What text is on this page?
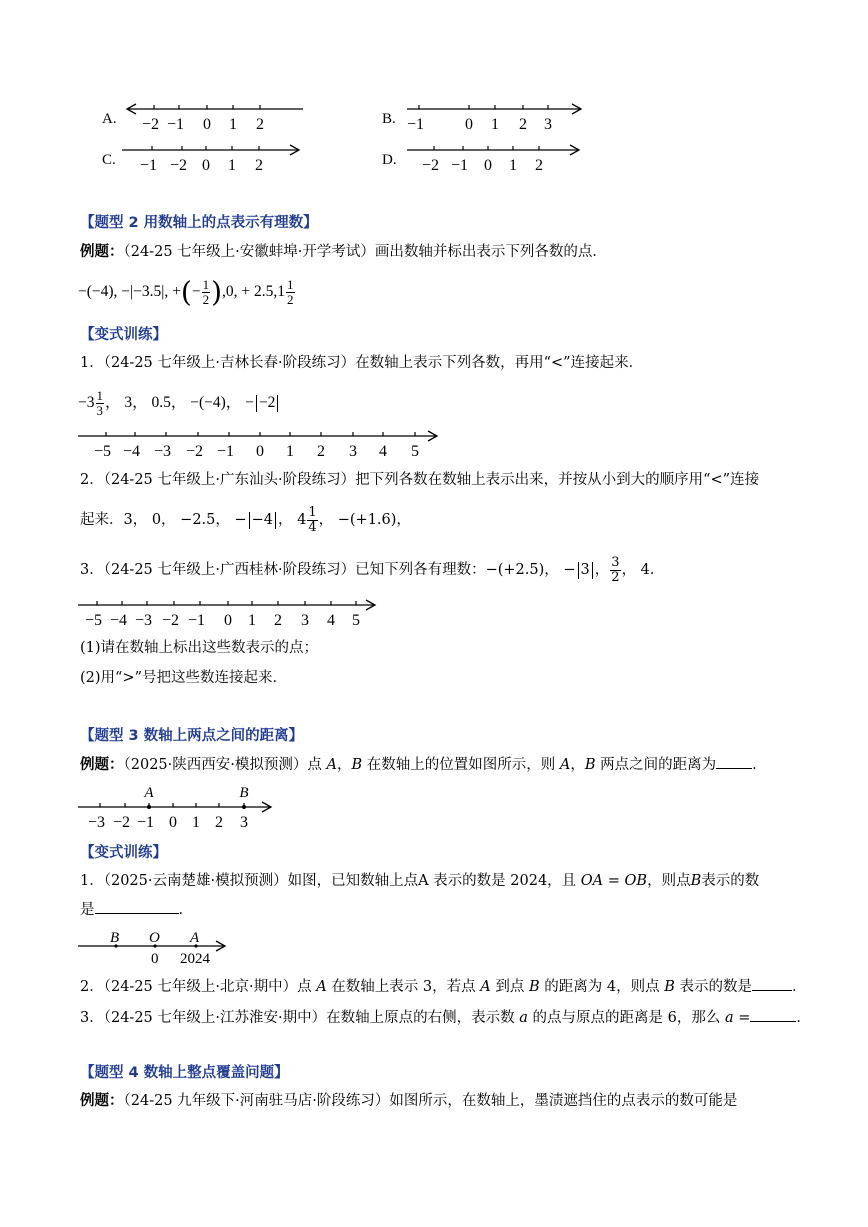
A. −2 −1 0 1 2	B. −1	0 1 2 3
C. −1 −2 0 1 2	D. −2 −1 0 1 2
【题型 2 用数轴上的点表示有理数】
例题：（24-25 七年级上·安徽蚌埠·开学考试）画出数轴并标出表示下列各数的点．
−(−4), −|−3.5|, +(− $\frac{1}{2} ),0$, + $2.5,1 \frac{1}{2}$
【变式训练】
1．（24-25 七年级上·吉林长春·阶段练习）在数轴上表示下列各数，再用“<”连接起来．
$-3 \frac{1}{3}$ ， 3， 0.5， −(−4)， − −2
−5 −4 −3 −2 −1 0 1 2 3 4 5
2．（24-25 七年级上·广东汕头·阶段练习）把下列各数在数轴上表示出来，并按从小到大的顺序用“<”连接
起来．3， 0， −2.5， − −4 ， $4 \frac{1}{4}$ ， −(+1.6)，
3．（24-25 七年级上·广西桂林·阶段练习）已知下列各有理数：−(+2.5)， − 3 ， $\frac{3}{2}$ ， 4．
−5 −4 −3 −2 −1 0 1 2 3 4 5
(1)请在数轴上标出这些数表示的点；
(2)用“>”号把这些数连接起来．
【题型 3 数轴上两点之间的距离】
例题：（2025·陕西西安·模拟预测）点 A，B 在数轴上的位置如图所示，则 A，B 两点之间的距离为 ．
−3 −2 −1 0 1 2 3
A	B
【变式训练】
1．（2025·云南楚雄·模拟预测）如图，已知数轴上点A 表示的数是 2024，且 OA = OB，则点B表示的数
是	．
B O A
0 2024
2．（24-25 七年级上·北京·期中）点 A 在数轴上表示 3，若点 A 到点 B 的距离为 4，则点 B 表示的数是	．
3．（24-25 七年级上·江苏淮安·期中）在数轴上原点的右侧，表示数 a 的点与原点的距离是 6，那么 a =	．
【题型 4 数轴上整点覆盖问题】
例题：（24-25 九年级下·河南驻马店·阶段练习）如图所示，在数轴上，墨渍遮挡住的点表示的数可能是
